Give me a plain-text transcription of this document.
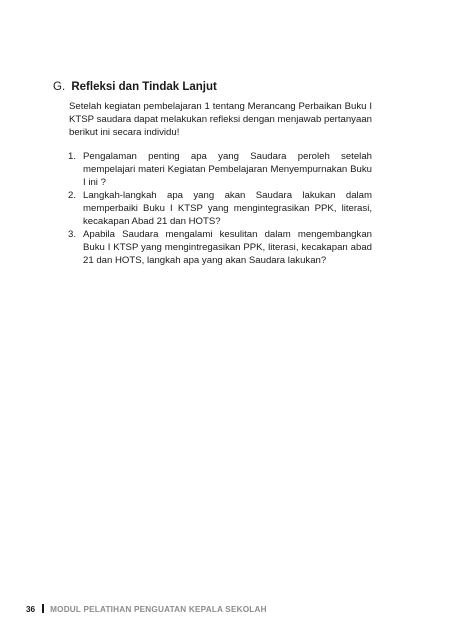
G. Refleksi dan Tindak Lanjut

Setelah kegiatan pembelajaran 1 tentang Merancang Perbaikan Buku I KTSP saudara dapat melakukan refleksi dengan menjawab pertanyaan berikut ini secara individu!

1. Pengalaman penting apa yang Saudara peroleh setelah mempelajari materi Kegiatan Pembelajaran Menyempurnakan Buku I ini ?
2. Langkah-langkah apa yang akan Saudara lakukan dalam memperbaiki Buku I KTSP yang mengintegrasikan PPK, literasi, kecakapan Abad 21 dan HOTS?
3. Apabila Saudara mengalami kesulitan dalam mengembangkan Buku I KTSP yang mengintregasikan PPK, literasi, kecakapan abad 21 dan HOTS, langkah apa yang akan Saudara lakukan?
36 MODUL PELATIHAN PENGUATAN KEPALA SEKOLAH
